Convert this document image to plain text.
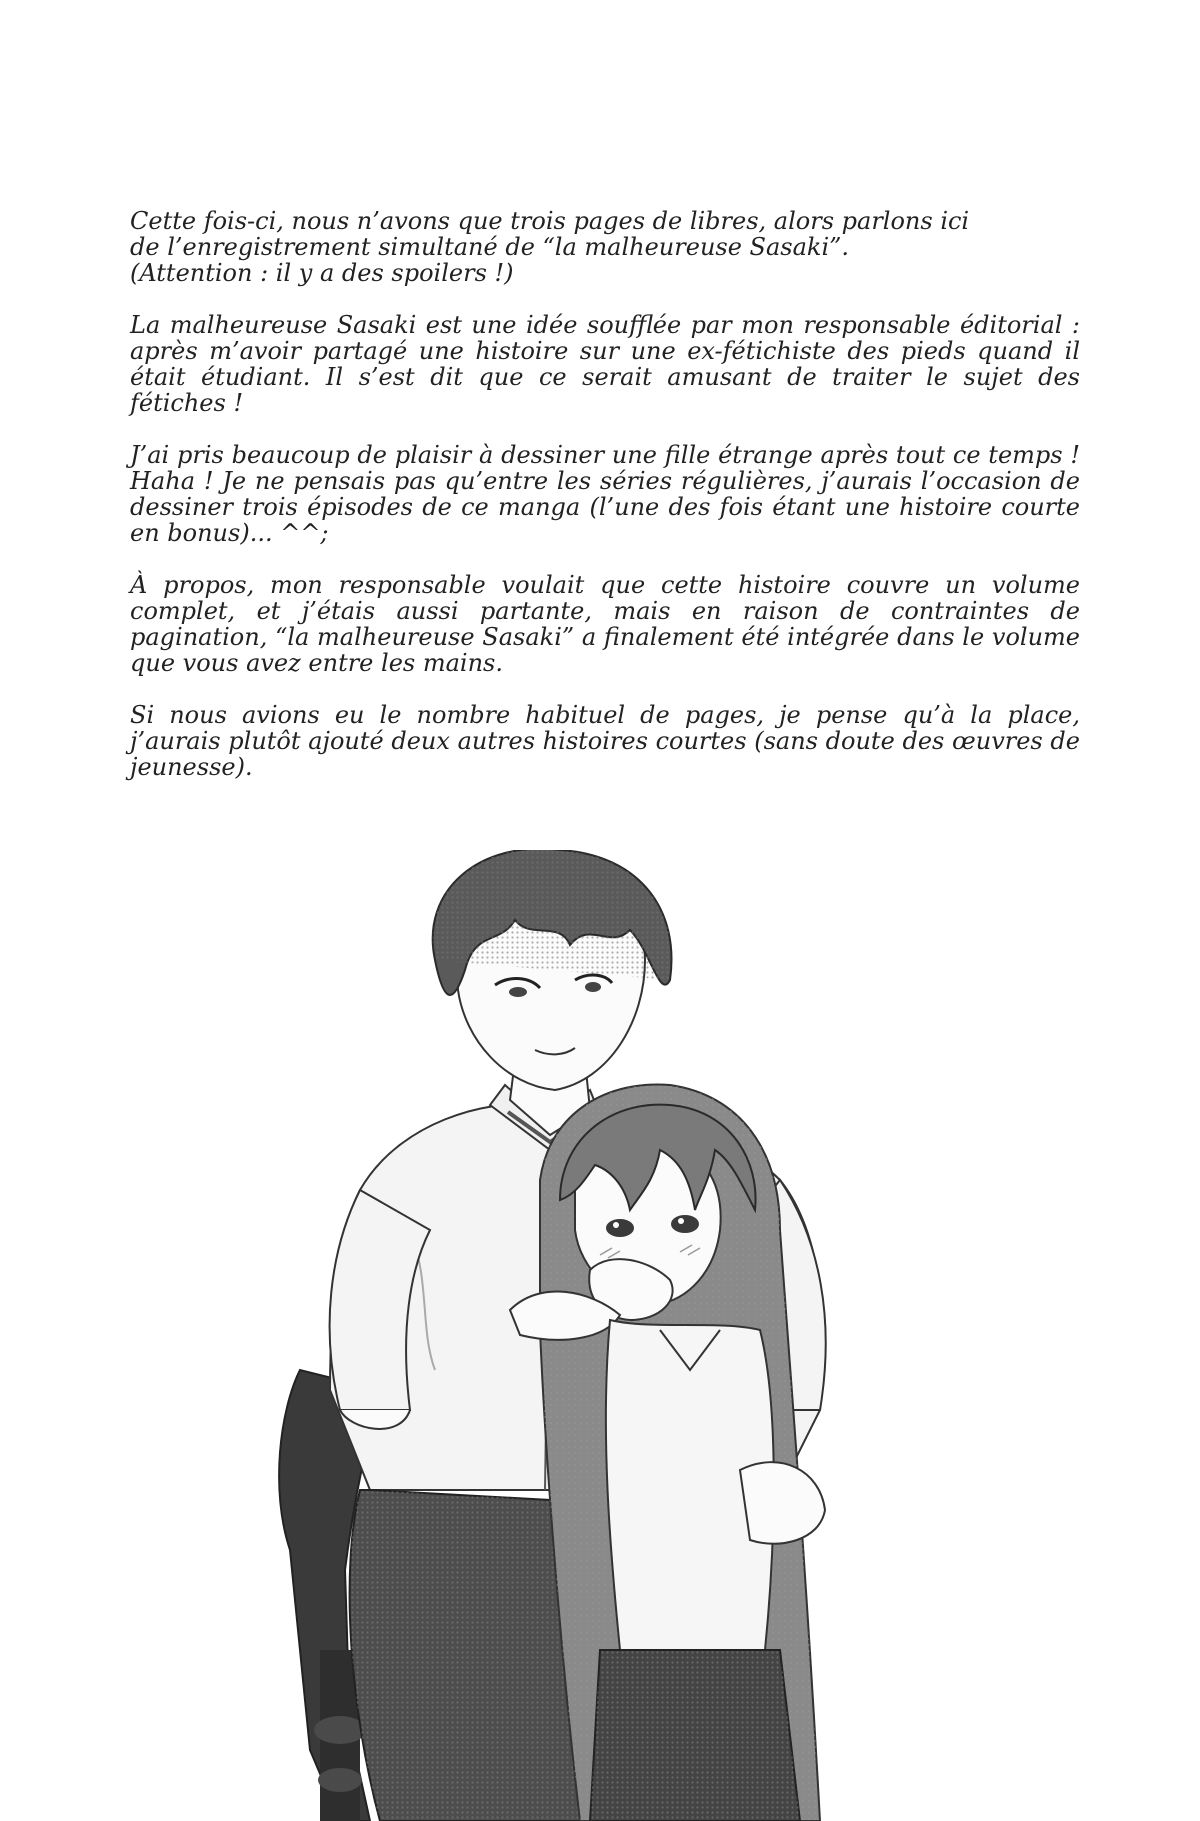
Cette fois-ci, nous n’avons que trois pages de libres, alors parlons ici
de l’enregistrement simultané de “la malheureuse Sasaki”.
(Attention : il y a des spoilers !)

La malheureuse Sasaki est une idée soufflée par mon responsable éditorial : après m’avoir partagé une histoire sur une ex-fétichiste des pieds quand il était étudiant. Il s’est dit que ce serait amusant de traiter le sujet des fétiches !

J’ai pris beaucoup de plaisir à dessiner une fille étrange après tout ce temps ! Haha ! Je ne pensais pas qu’entre les séries régulières, j’aurais l’occasion de dessiner trois épisodes de ce manga (l’une des fois étant une histoire courte en bonus)... ^^;

À propos, mon responsable voulait que cette histoire couvre un volume complet, et j’étais aussi partante, mais en raison de contraintes de pagination, “la malheureuse Sasaki” a finalement été intégrée dans le volume que vous avez entre les mains.

Si nous avions eu le nombre habituel de pages, je pense qu’à la place, j’aurais plutôt ajouté deux autres histoires courtes (sans doute des œuvres de jeunesse).
